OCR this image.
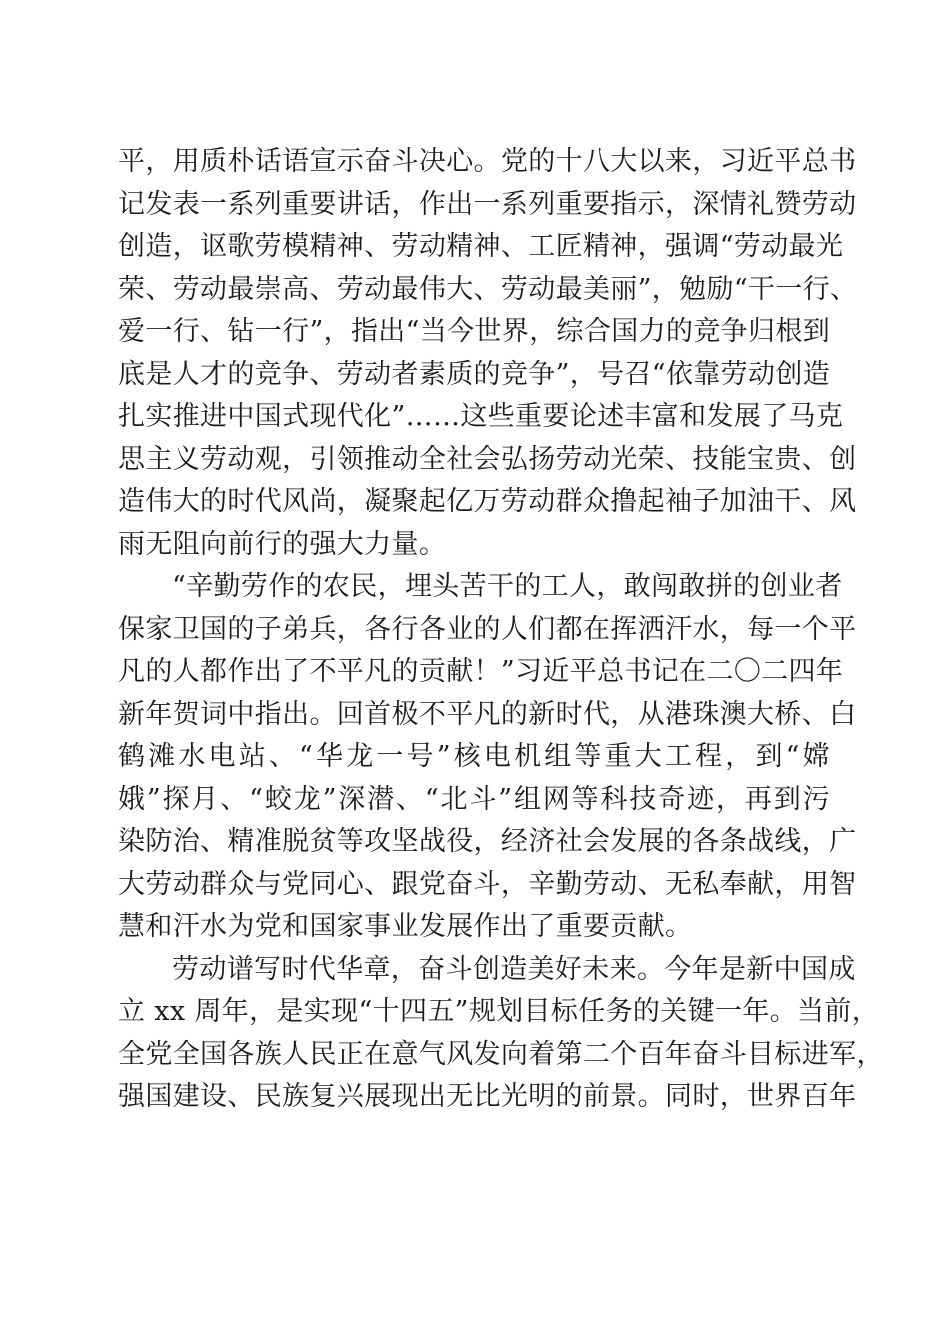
平，用质朴话语宣示奋斗决心。党的十八大以来，习近平总书
记发表一系列重要讲话，作出一系列重要指示，深情礼赞劳动
创造，讴歌劳模精神、劳动精神、工匠精神，强调“劳动最光
荣、劳动最崇高、劳动最伟大、劳动最美丽”，勉励“干一行、
爱一行、钻一行”，指出“当今世界，综合国力的竞争归根到
底是人才的竞争、劳动者素质的竞争”，号召“依靠劳动创造
扎实推进中国式现代化”……这些重要论述丰富和发展了马克
思主义劳动观，引领推动全社会弘扬劳动光荣、技能宝贵、创
造伟大的时代风尚，凝聚起亿万劳动群众撸起袖子加油干、风
雨无阻向前行的强大力量。

“辛勤劳作的农民，埋头苦干的工人，敢闯敢拼的创业者
保家卫国的子弟兵，各行各业的人们都在挥洒汗水，每一个平
凡的人都作出了不平凡的贡献！”习近平总书记在二〇二四年
新年贺词中指出。回首极不平凡的新时代，从港珠澳大桥、白
鹤滩水电站、“华龙一号”核电机组等重大工程，到“嫦
娥”探月、“蛟龙”深潜、“北斗”组网等科技奇迹，再到污
染防治、精准脱贫等攻坚战役，经济社会发展的各条战线，广
大劳动群众与党同心、跟党奋斗，辛勤劳动、无私奉献，用智
慧和汗水为党和国家事业发展作出了重要贡献。

劳动谱写时代华章，奋斗创造美好未来。今年是新中国成
立 xx 周年，是实现“十四五”规划目标任务的关键一年。当前，
全党全国各族人民正在意气风发向着第二个百年奋斗目标进军，
强国建设、民族复兴展现出无比光明的前景。同时，世界百年
